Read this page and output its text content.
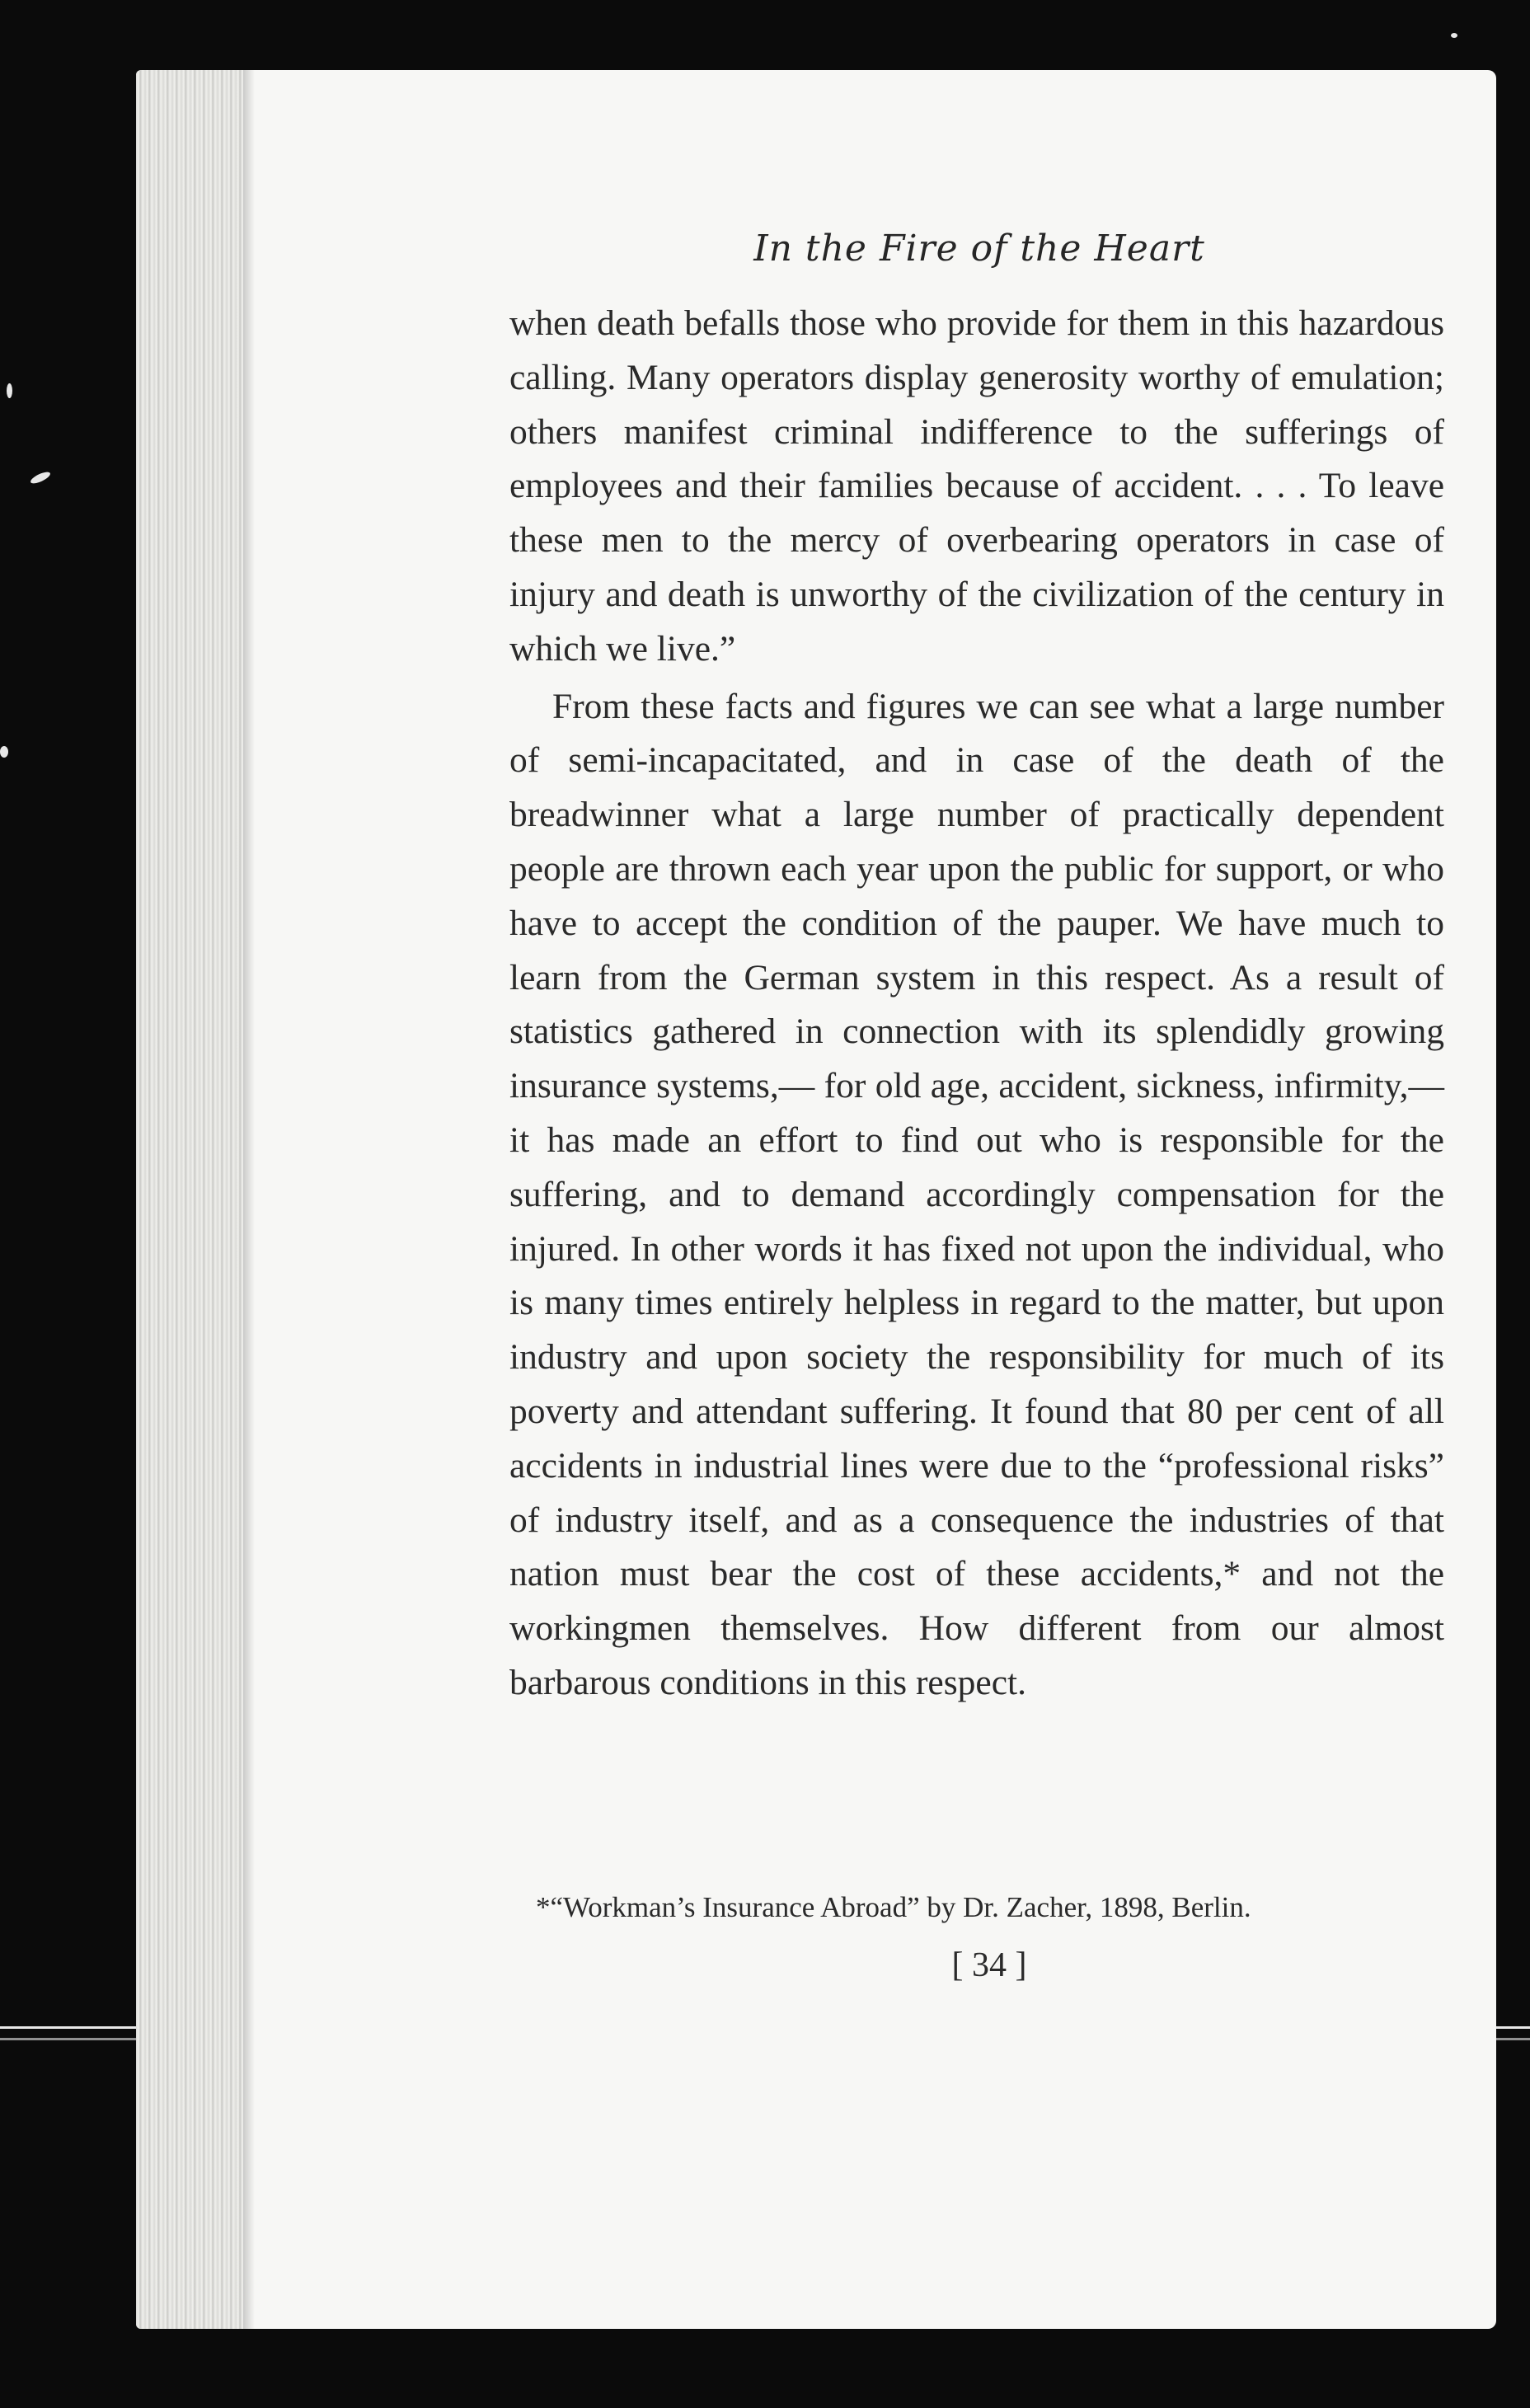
In the Fire of the Heart

when death befalls those who provide for them in this hazardous calling. Many operators display generosity worthy of emulation; others manifest criminal indifference to the sufferings of employees and their families because of accident. . . . To leave these men to the mercy of overbearing operators in case of injury and death is unworthy of the civilization of the century in which we live.”

From these facts and figures we can see what a large number of semi-incapacitated, and in case of the death of the breadwinner what a large number of practically dependent people are thrown each year upon the public for support, or who have to accept the condition of the pauper. We have much to learn from the German system in this respect. As a result of statistics gathered in connection with its splendidly growing insurance systems,— for old age, accident, sickness, infirmity,— it has made an effort to find out who is responsible for the suffering, and to demand accordingly compensation for the injured. In other words it has fixed not upon the individual, who is many times entirely helpless in regard to the matter, but upon industry and upon society the responsibility for much of its poverty and attendant suffering. It found that 80 per cent of all accidents in industrial lines were due to the “professional risks” of industry itself, and as a consequence the industries of that nation must bear the cost of these accidents,* and not the workingmen themselves. How different from our almost barbarous conditions in this respect.

*“Workman’s Insurance Abroad” by Dr. Zacher, 1898, Berlin.
[ 34 ]
